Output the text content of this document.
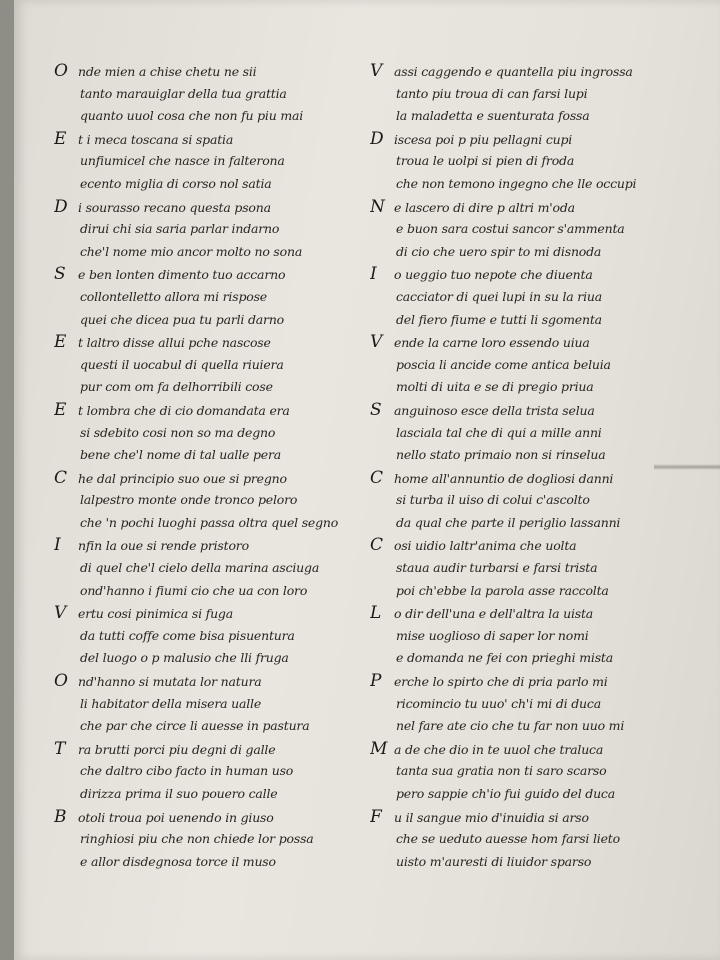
O nde mien a chise chetu ne sii
tanto marauiglar della tua grattia
quanto uuol cosa che non fu piu mai
E t i meca toscana si spatia
unfiumicel che nasce in falterona
ecento miglia di corso nol satia
D i sourasso recano questa psona
dirui chi sia saria parlar indarno
che'l nome mio ancor molto no sona
S e ben lonten dimento tuo accarno
collontelletto allora mi rispose
quei che dicea pua tu parli darno
E t laltro disse allui pche nascose
questi il uocabul di quella riuiera
pur com om fa delhorribili cose
E t lombra che di cio domandata era
si sdebito cosi non so ma degno
bene che'l nome di tal ualle pera
C he dal principio suo oue si pregno
lalpestro monte onde tronco peloro
che 'n pochi luoghi passa oltra quel segno
I nfin la oue si rende pristoro
di quel che'l cielo della marina asciuga
ond'hanno i fiumi cio che ua con loro
V ertu cosi pinimica si fuga
da tutti coffe come bisa pisuentura
del luogo o p malusio che lli fruga
O nd'hanno si mutata lor natura
li habitator della misera ualle
che par che circe li auesse in pastura
T ra brutti porci piu degni di galle
che daltro cibo facto in human uso
dirizza prima il suo pouero calle
B otoli troua poi uenendo in giuso
ringhiosi piu che non chiede lor possa
e allor disdegnosa torce il muso
V assi caggendo e quantella piu ingrossa
tanto piu troua di can farsi lupi
la maladetta e suenturata fossa
D iscesa poi p piu pellagni cupi
troua le uolpi si pien di froda
che non temono ingegno che lle occupi
N e lascero di dire p altri m'oda
e buon sara costui sancor s'ammenta
di cio che uero spir to mi disnoda
I o ueggio tuo nepote che diuenta
cacciator di quei lupi in su la riua
del fiero fiume e tutti li sgomenta
V ende la carne loro essendo uiua
poscia li ancide come antica beluia
molti di uita e se di pregio priua
S anguinoso esce della trista selua
lasciala tal che di qui a mille anni
nello stato primaio non si rinselua
C home all'annuntio de dogliosi danni
si turba il uiso di colui c'ascolto
da qual che parte il periglio lassanni
C osi uidio laltr'anima che uolta
staua audir turbarsi e farsi trista
poi ch'ebbe la parola asse raccolta
L o dir dell'una e dell'altra la uista
mise uoglioso di saper lor nomi
e domanda ne fei con prieghi mista
P erche lo spirto che di pria parlo mi
ricomincio tu uuo' ch'i mi di duca
nel fare ate cio che tu far non uuo mi
M a de che dio in te uuol che traluca
tanta sua gratia non ti saro scarso
pero sappie ch'io fui guido del duca
F u il sangue mio d'inuidia si arso
che se ueduto auesse hom farsi lieto
uisto m'auresti di liuidor sparso
